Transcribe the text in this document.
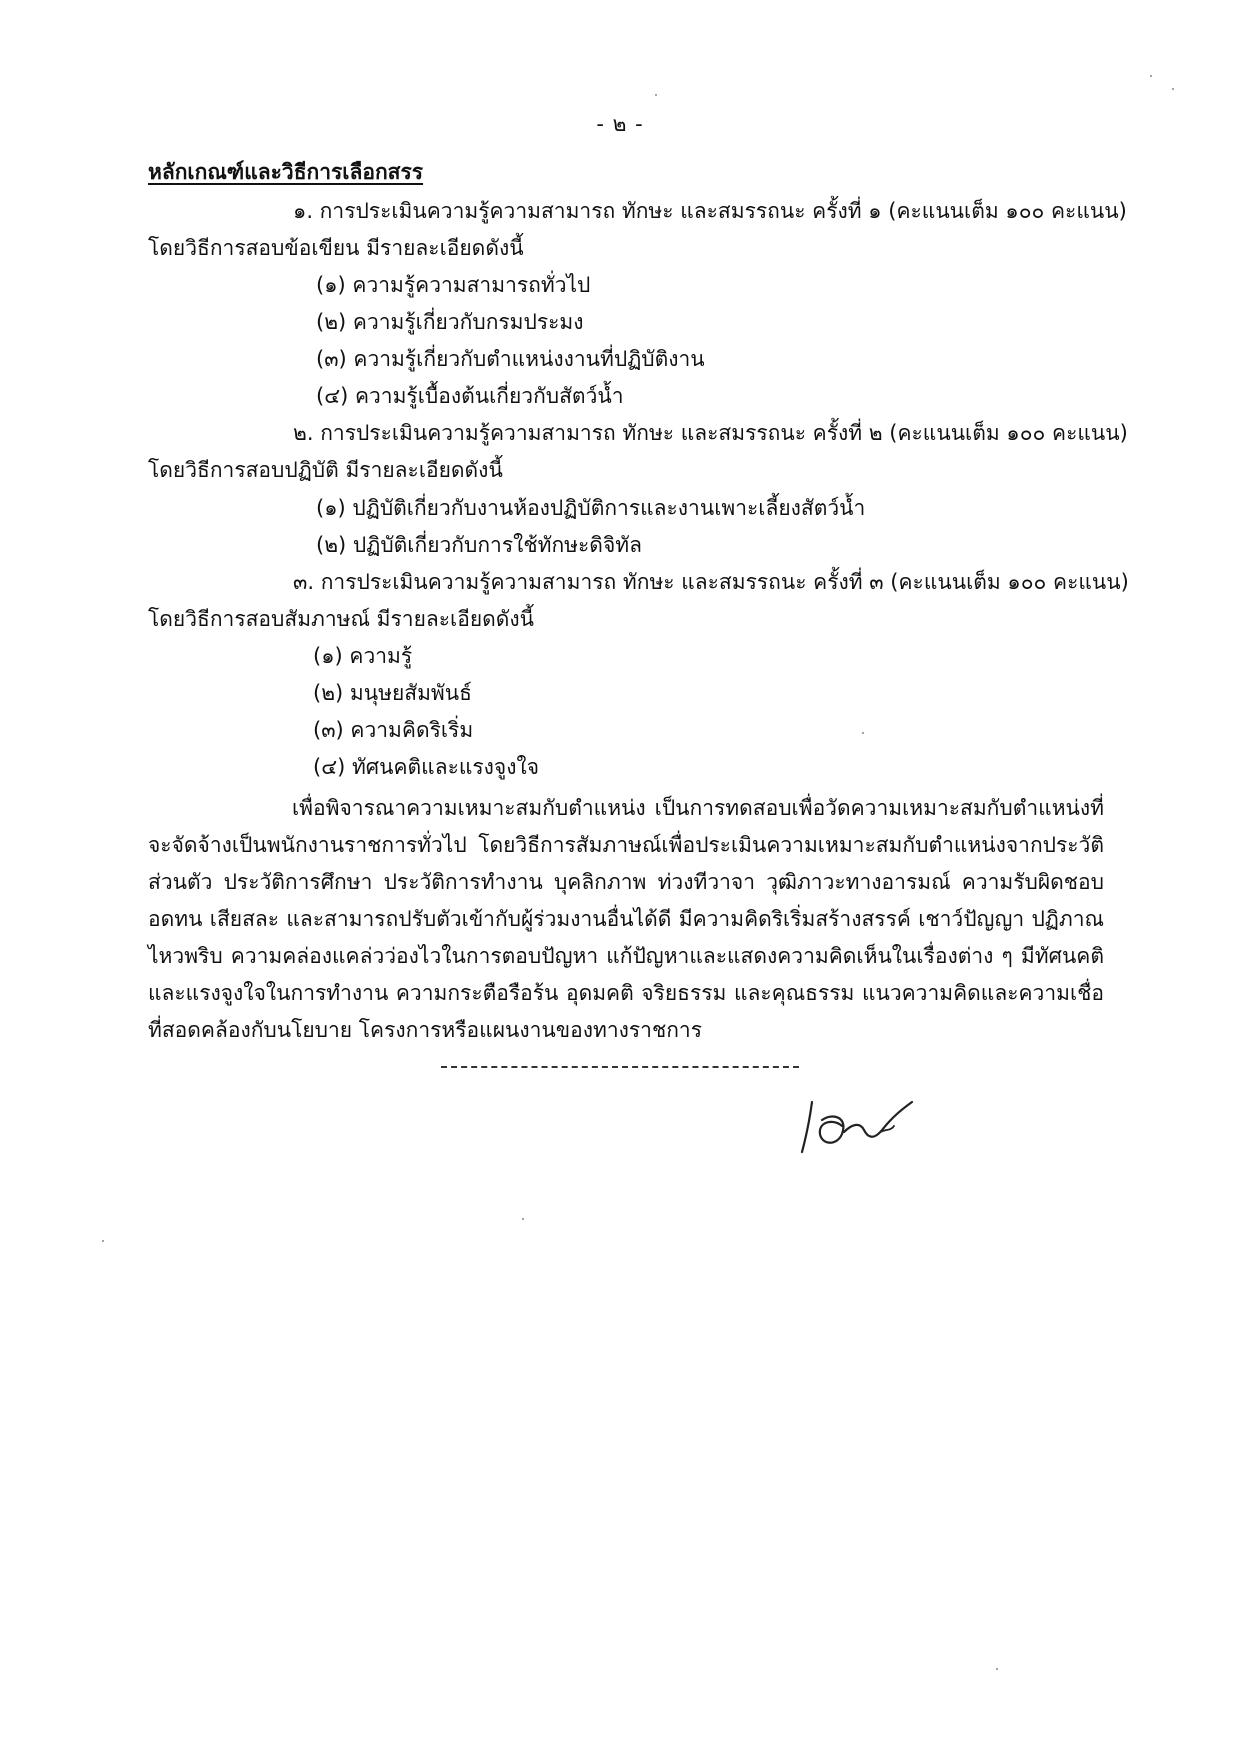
- ๒ -
หลักเกณฑ์และวิธีการเลือกสรร
๑. การประเมินความรู้ความสามารถ ทักษะ และสมรรถนะ ครั้งที่ ๑ (คะแนนเต็ม ๑๐๐ คะแนน)
โดยวิธีการสอบข้อเขียน มีรายละเอียดดังนี้
(๑) ความรู้ความสามารถทั่วไป
(๒) ความรู้เกี่ยวกับกรมประมง
(๓) ความรู้เกี่ยวกับตำแหน่งงานที่ปฏิบัติงาน
(๔) ความรู้เบื้องต้นเกี่ยวกับสัตว์น้ำ
๒. การประเมินความรู้ความสามารถ ทักษะ และสมรรถนะ ครั้งที่ ๒ (คะแนนเต็ม ๑๐๐ คะแนน)
โดยวิธีการสอบปฏิบัติ มีรายละเอียดดังนี้
(๑) ปฏิบัติเกี่ยวกับงานห้องปฏิบัติการและงานเพาะเลี้ยงสัตว์น้ำ
(๒) ปฏิบัติเกี่ยวกับการใช้ทักษะดิจิทัล
๓. การประเมินความรู้ความสามารถ ทักษะ และสมรรถนะ ครั้งที่ ๓ (คะแนนเต็ม ๑๐๐ คะแนน)
โดยวิธีการสอบสัมภาษณ์ มีรายละเอียดดังนี้
(๑) ความรู้
(๒) มนุษยสัมพันธ์
(๓) ความคิดริเริ่ม
(๔) ทัศนคติและแรงจูงใจ

เพื่อพิจารณาความเหมาะสมกับตำแหน่ง เป็นการทดสอบเพื่อวัดความเหมาะสมกับตำแหน่งที่จะจัดจ้างเป็นพนักงานราชการทั่วไป โดยวิธีการสัมภาษณ์เพื่อประเมินความเหมาะสมกับตำแหน่งจากประวัติส่วนตัว ประวัติการศึกษา ประวัติการทำงาน บุคลิกภาพ ท่วงทีวาจา วุฒิภาวะทางอารมณ์ ความรับผิดชอบ อดทน เสียสละ และสามารถปรับตัวเข้ากับผู้ร่วมงานอื่นได้ดี มีความคิดริเริ่มสร้างสรรค์ เชาว์ปัญญา ปฏิภาณไหวพริบ ความคล่องแคล่วว่องไวในการตอบปัญหา แก้ปัญหาและแสดงความคิดเห็นในเรื่องต่าง ๆ มีทัศนคติและแรงจูงใจในการทำงาน ความกระตือรือร้น อุดมคติ จริยธรรม และคุณธรรม แนวความคิดและความเชื่อที่สอดคล้องกับนโยบาย โครงการหรือแผนงานของทางราชการ
